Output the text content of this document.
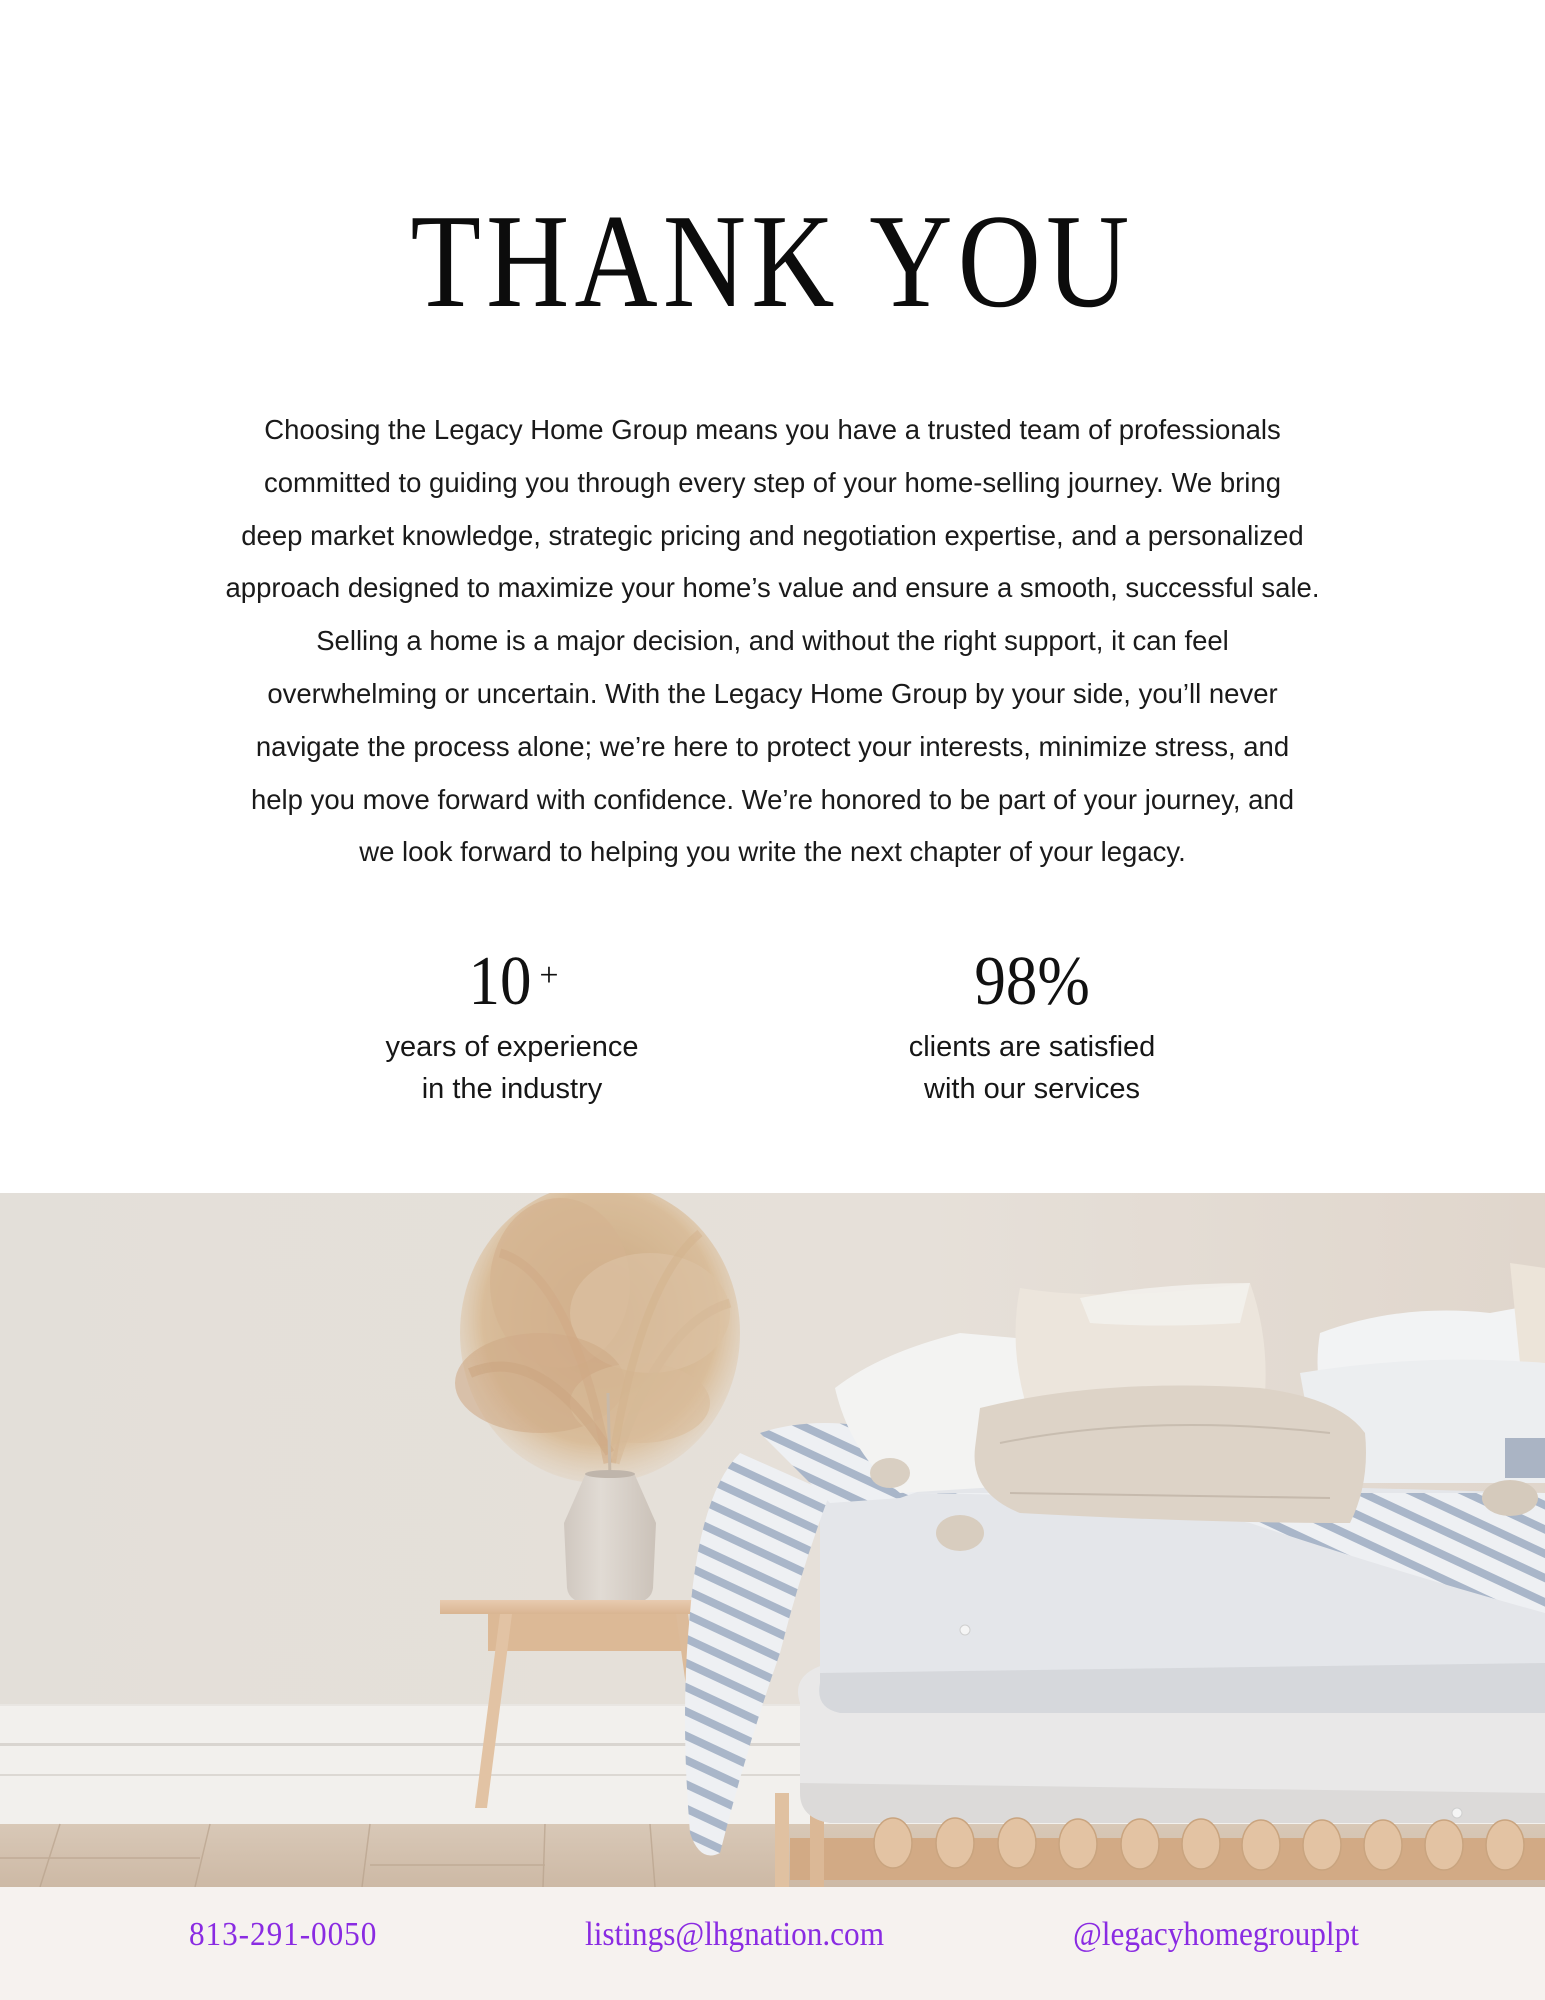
THANK YOU
Choosing the Legacy Home Group means you have a trusted team of professionals
committed to guiding you through every step of your home-selling journey. We bring
deep market knowledge, strategic pricing and negotiation expertise, and a personalized
approach designed to maximize your home’s value and ensure a smooth, successful sale.
Selling a home is a major decision, and without the right support, it can feel
overwhelming or uncertain. With the Legacy Home Group by your side, you’ll never
navigate the process alone; we’re here to protect your interests, minimize stress, and
help you move forward with confidence. We’re honored to be part of your journey, and
we look forward to helping you write the next chapter of your legacy.
10 +
years of experience
in the industry
98%
clients are satisfied
with our services
813-291-0050	listings@lhgnation.com	@legacyhomegrouplpt
